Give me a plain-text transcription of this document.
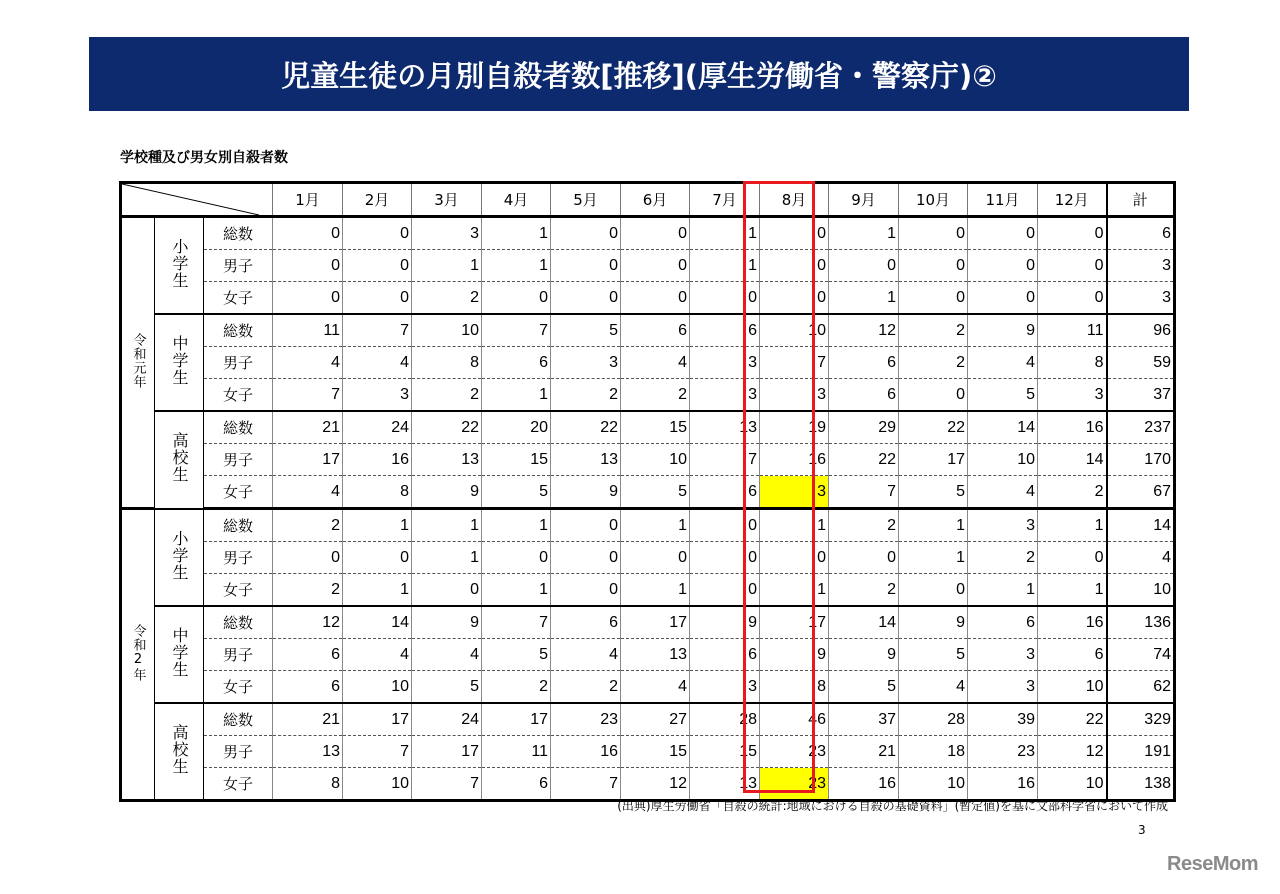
児童生徒の月別自殺者数[推移](厚生労働省・警察庁)②
学校種及び男女別自殺者数
	1月	2月	3月	4月	5月	6月	7月	8月	9月	10月	11月	12月	計
令和元年	小学生	総数	0	0	3	1	0	0	1	0	1	0	0	0	6
		男子	0	0	1	1	0	0	1	0	0	0	0	0	3
		女子	0	0	2	0	0	0	0	0	1	0	0	0	3
	中学生	総数	11	7	10	7	5	6	6	10	12	2	9	11	96
		男子	4	4	8	6	3	4	3	7	6	2	4	8	59
		女子	7	3	2	1	2	2	3	3	6	0	5	3	37
	高校生	総数	21	24	22	20	22	15	13	19	29	22	14	16	237
		男子	17	16	13	15	13	10	7	16	22	17	10	14	170
		女子	4	8	9	5	9	5	6	3	7	5	4	2	67
令和2年	小学生	総数	2	1	1	1	0	1	0	1	2	1	3	1	14
		男子	0	0	1	0	0	0	0	0	0	1	2	0	4
		女子	2	1	0	1	0	1	0	1	2	0	1	1	10
	中学生	総数	12	14	9	7	6	17	9	17	14	9	6	16	136
		男子	6	4	4	5	4	13	6	9	9	5	3	6	74
		女子	6	10	5	2	2	4	3	8	5	4	3	10	62
	高校生	総数	21	17	24	17	23	27	28	46	37	28	39	22	329
		男子	13	7	17	11	16	15	15	23	21	18	23	12	191
		女子	8	10	7	6	7	12	13	23	16	10	16	10	138
(出典)厚生労働省「自殺の統計:地域における自殺の基礎資料」(暫定値)を基に文部科学省において作成
3
ReseMom
